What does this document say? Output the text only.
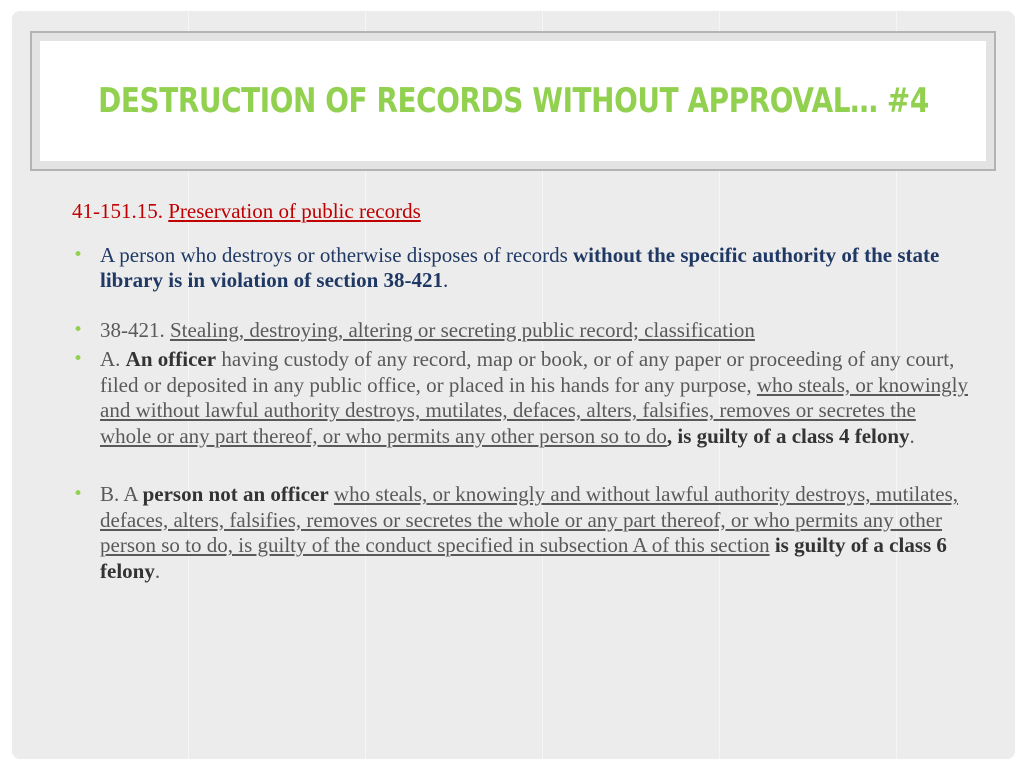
DESTRUCTION OF RECORDS WITHOUT APPROVAL… #4

41-151.15. Preservation of public records

• A person who destroys or otherwise disposes of records without the specific authority of the state library is in violation of section 38-421.
• 38-421. Stealing, destroying, altering or secreting public record; classification
• A. An officer having custody of any record, map or book, or of any paper or proceeding of any court, filed or deposited in any public office, or placed in his hands for any purpose, who steals, or knowingly and without lawful authority destroys, mutilates, defaces, alters, falsifies, removes or secretes the whole or any part thereof, or who permits any other person so to do, is guilty of a class 4 felony.
• B. A person not an officer who steals, or knowingly and without lawful authority destroys, mutilates, defaces, alters, falsifies, removes or secretes the whole or any part thereof, or who permits any other person so to do, is guilty of the conduct specified in subsection A of this section is guilty of a class 6 felony.
